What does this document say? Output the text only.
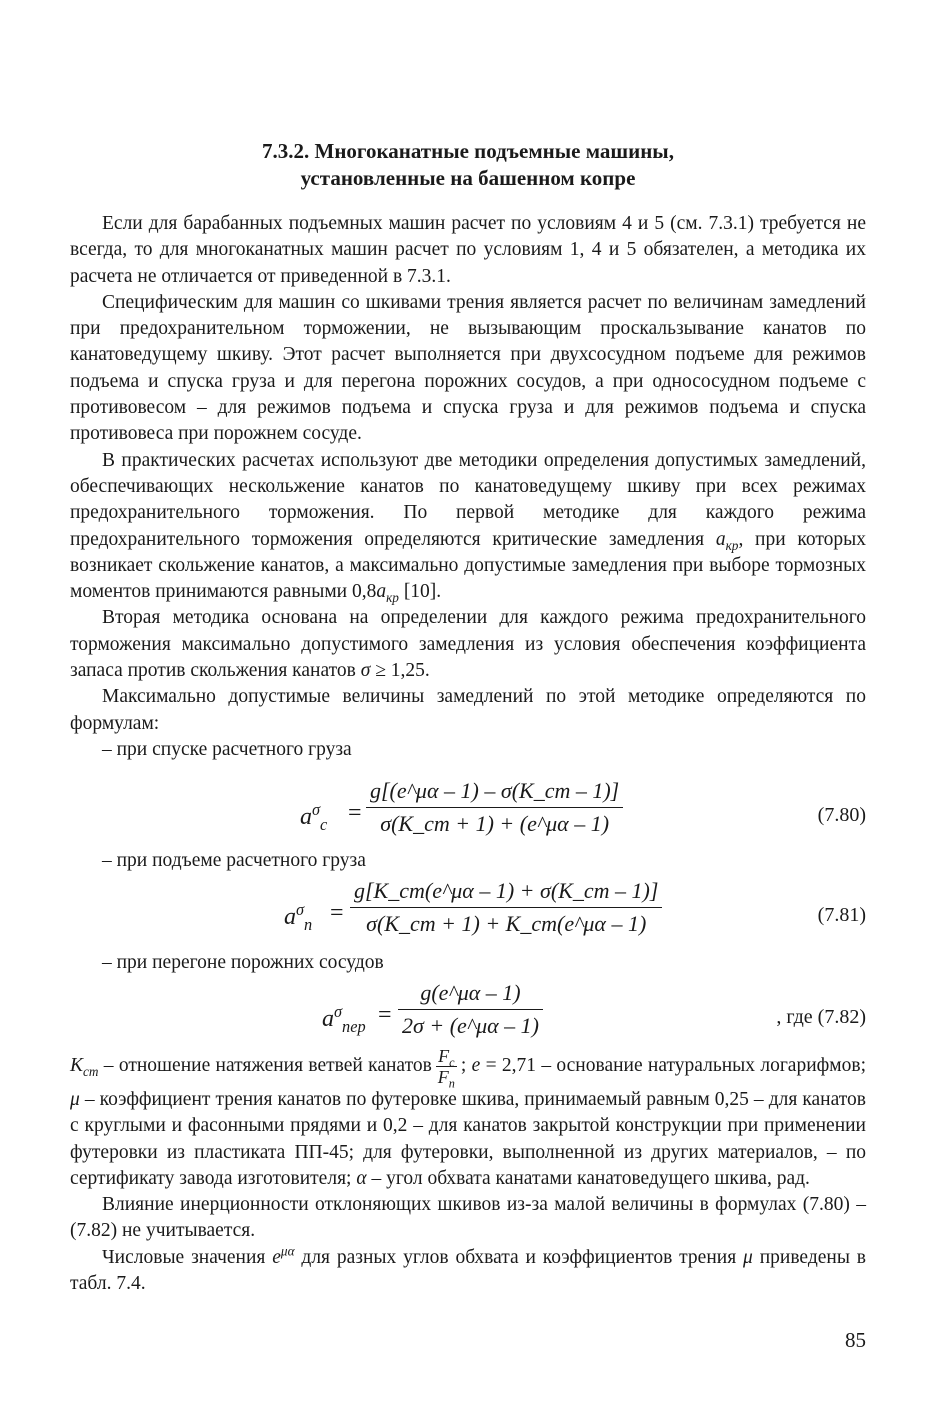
7.3.2. Многоканатные подъемные машины,
установленные на башенном копре

Если для барабанных подъемных машин расчет по условиям 4 и 5 (см. 7.3.1) требуется не всегда, то для многоканатных машин расчет по условиям 1, 4 и 5 обязателен, а методика их расчета не отличается от приведенной в 7.3.1.

Специфическим для машин со шкивами трения является расчет по величинам замедлений при предохранительном торможении, не вызывающим проскальзывание канатов по канатоведущему шкиву. Этот расчет выполняется при двухсосудном подъеме для режимов подъема и спуска груза и для перегона порожних сосудов, а при однососудном подъеме с противовесом – для режимов подъема и спуска груза и для режимов подъема и спуска противовеса при порожнем сосуде.

В практических расчетах используют две методики определения допустимых замедлений, обеспечивающих нескольжение канатов по канатоведущему шкиву при всех режимах предохранительного торможения. По первой методике для каждого режима предохранительного торможения определяются критические замедления $a_{кр}$, при которых возникает скольжение канатов, а максимально допустимые замедления при выборе тормозных моментов принимаются равными $0,8a_{кр}$ [10].

Вторая методика основана на определении для каждого режима предохранительного торможения максимально допустимого замедления из условия обеспечения коэффициента запаса против скольжения канатов σ ≥ 1,25.

Максимально допустимые величины замедлений по этой методике определяются по формулам:

– при спуске расчетного груза

$a^\sigma_c$ =
g[(e^μα – 1) – σ(K_ст – 1)]
σ(K_ст + 1) + (e^μα – 1)	(7.80)

– при подъеме расчетного груза

$a^\sigma_п$ =
g[K_ст(e^μα – 1) + σ(K_ст – 1)]
σ(K_ст + 1) + K_ст(e^μα – 1)	(7.81)

– при перегоне порожних сосудов

$a^\sigma_{пер} = \frac{g(e\^{}\mu\alpha - 1)}{2\sigma + (e\^{}\mu\alpha - 1)}$	, где (7.82)

$K_{ст}$ – отношение натяжения ветвей канатов $\frac{F_с}{F_п}$ ; e = 2,71 – основание натуральных логарифмов; μ – коэффициент трения канатов по футеровке шкива, принимаемый равным 0,25 – для канатов с круглыми и фасонными прядями и 0,2 – для канатов закрытой конструкции при применении футеровки из пластиката ПП-45; для футеровки, выполненной из других материалов, – по сертификату завода изготовителя; α – угол обхвата канатами канатоведущего шкива, рад.

Влияние инерционности отклоняющих шкивов из-за малой величины в формулах (7.80) – (7.82) не учитывается.

Числовые значения $e^{\mu\alpha}$ для разных углов обхвата и коэффициентов трения μ приведены в табл. 7.4.

85
